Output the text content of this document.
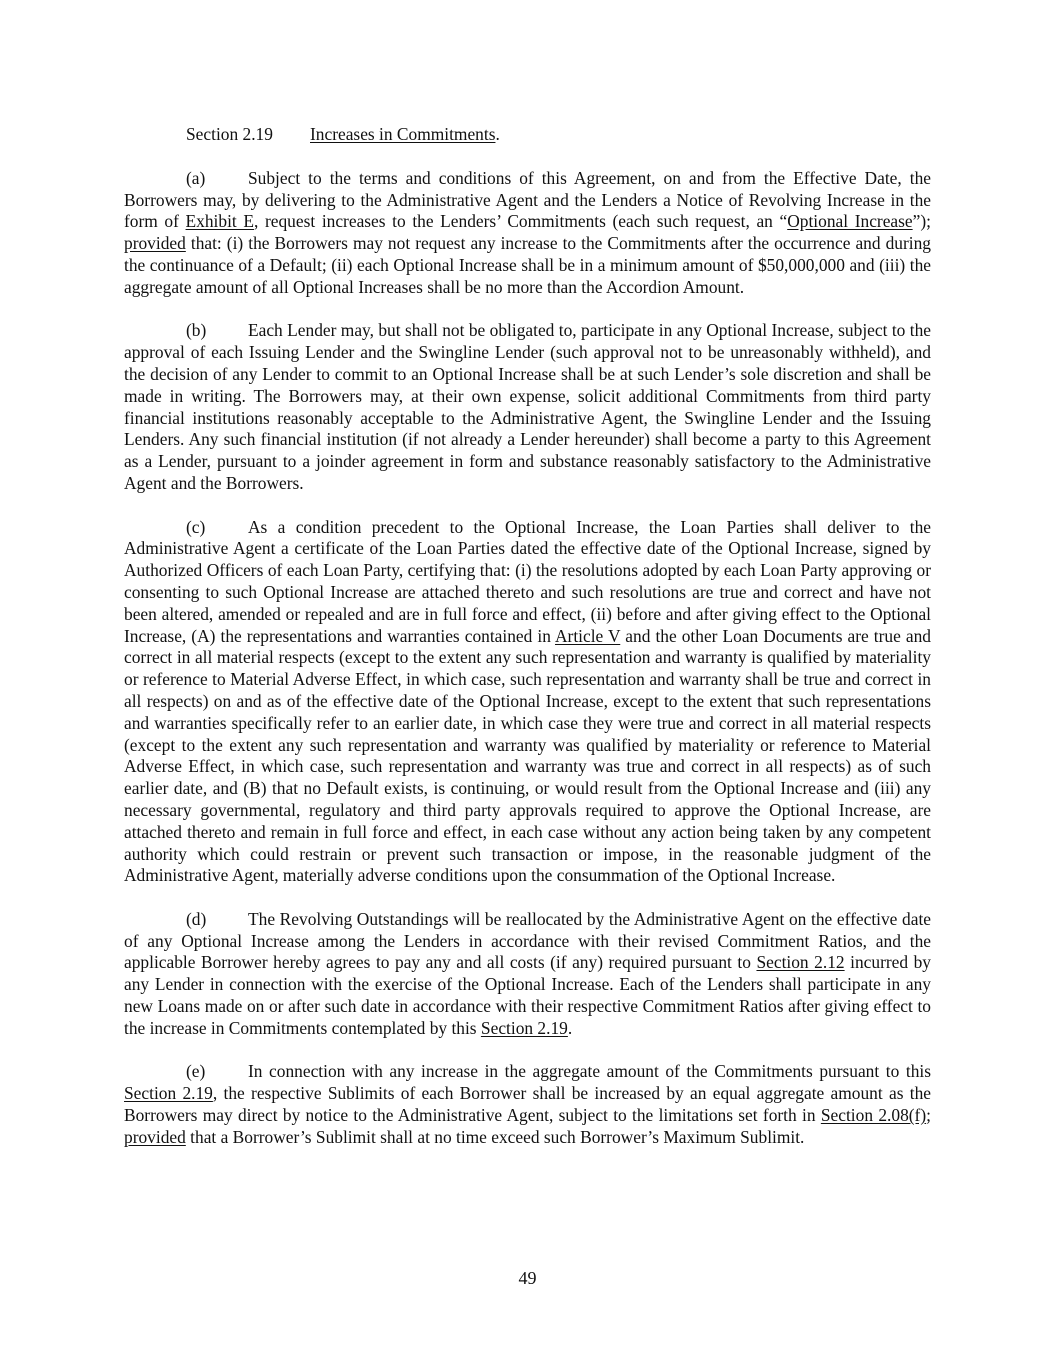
Section 2.19 Increases in Commitments.

(a) Subject to the terms and conditions of this Agreement, on and from the Effective Date, the Borrowers may, by delivering to the Administrative Agent and the Lenders a Notice of Revolving Increase in the form of Exhibit E, request increases to the Lenders’ Commitments (each such request, an “Optional Increase”); provided that: (i) the Borrowers may not request any increase to the Commitments after the occurrence and during the continuance of a Default; (ii) each Optional Increase shall be in a minimum amount of $50,000,000 and (iii) the aggregate amount of all Optional Increases shall be no more than the Accordion Amount.

(b) Each Lender may, but shall not be obligated to, participate in any Optional Increase, subject to the approval of each Issuing Lender and the Swingline Lender (such approval not to be unreasonably withheld), and the decision of any Lender to commit to an Optional Increase shall be at such Lender’s sole discretion and shall be made in writing. The Borrowers may, at their own expense, solicit additional Commitments from third party financial institutions reasonably acceptable to the Administrative Agent, the Swingline Lender and the Issuing Lenders. Any such financial institution (if not already a Lender hereunder) shall become a party to this Agreement as a Lender, pursuant to a joinder agreement in form and substance reasonably satisfactory to the Administrative Agent and the Borrowers.

(c) As a condition precedent to the Optional Increase, the Loan Parties shall deliver to the Administrative Agent a certificate of the Loan Parties dated the effective date of the Optional Increase, signed by Authorized Officers of each Loan Party, certifying that: (i) the resolutions adopted by each Loan Party approving or consenting to such Optional Increase are attached thereto and such resolutions are true and correct and have not been altered, amended or repealed and are in full force and effect, (ii) before and after giving effect to the Optional Increase, (A) the representations and warranties contained in Article V and the other Loan Documents are true and correct in all material respects (except to the extent any such representation and warranty is qualified by materiality or reference to Material Adverse Effect, in which case, such representation and warranty shall be true and correct in all respects) on and as of the effective date of the Optional Increase, except to the extent that such representations and warranties specifically refer to an earlier date, in which case they were true and correct in all material respects (except to the extent any such representation and warranty was qualified by materiality or reference to Material Adverse Effect, in which case, such representation and warranty was true and correct in all respects) as of such earlier date, and (B) that no Default exists, is continuing, or would result from the Optional Increase and (iii) any necessary governmental, regulatory and third party approvals required to approve the Optional Increase, are attached thereto and remain in full force and effect, in each case without any action being taken by any competent authority which could restrain or prevent such transaction or impose, in the reasonable judgment of the Administrative Agent, materially adverse conditions upon the consummation of the Optional Increase.

(d) The Revolving Outstandings will be reallocated by the Administrative Agent on the effective date of any Optional Increase among the Lenders in accordance with their revised Commitment Ratios, and the applicable Borrower hereby agrees to pay any and all costs (if any) required pursuant to Section 2.12 incurred by any Lender in connection with the exercise of the Optional Increase. Each of the Lenders shall participate in any new Loans made on or after such date in accordance with their respective Commitment Ratios after giving effect to the increase in Commitments contemplated by this Section 2.19.

(e) In connection with any increase in the aggregate amount of the Commitments pursuant to this Section 2.19, the respective Sublimits of each Borrower shall be increased by an equal aggregate amount as the Borrowers may direct by notice to the Administrative Agent, subject to the limitations set forth in Section 2.08(f); provided that a Borrower’s Sublimit shall at no time exceed such Borrower’s Maximum Sublimit.

49
